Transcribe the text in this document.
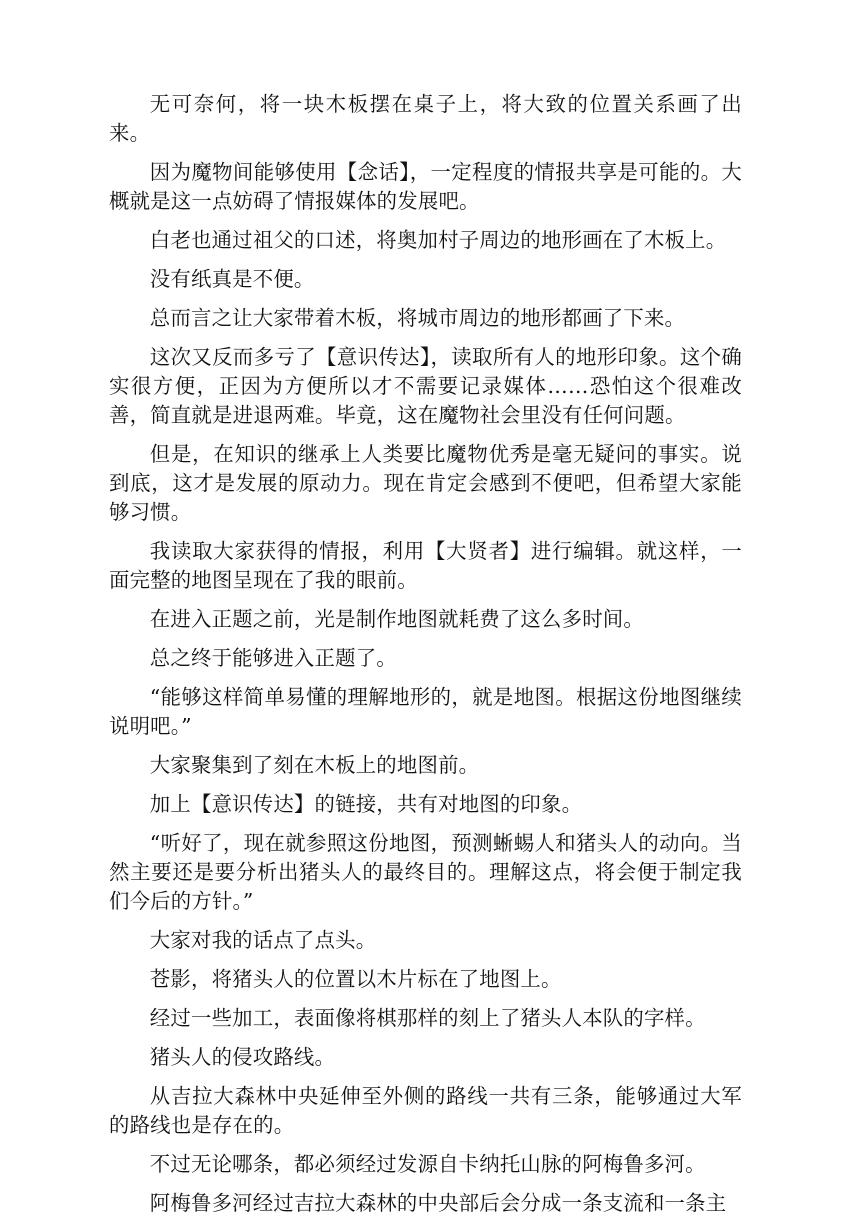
无可奈何，将一块木板摆在桌子上，将大致的位置关系画了出来。

因为魔物间能够使用【念话】，一定程度的情报共享是可能的。大概就是这一点妨碍了情报媒体的发展吧。

白老也通过祖父的口述，将奥加村子周边的地形画在了木板上。

没有纸真是不便。

总而言之让大家带着木板，将城市周边的地形都画了下来。

这次又反而多亏了【意识传达】，读取所有人的地形印象。这个确实很方便，正因为方便所以才不需要记录媒体……恐怕这个很难改善，简直就是进退两难。毕竟，这在魔物社会里没有任何问题。

但是，在知识的继承上人类要比魔物优秀是毫无疑问的事实。说到底，这才是发展的原动力。现在肯定会感到不便吧，但希望大家能够习惯。

我读取大家获得的情报，利用【大贤者】进行编辑。就这样，一面完整的地图呈现在了我的眼前。

在进入正题之前，光是制作地图就耗费了这么多时间。

总之终于能够进入正题了。

“能够这样简单易懂的理解地形的，就是地图。根据这份地图继续说明吧。”

大家聚集到了刻在木板上的地图前。

加上【意识传达】的链接，共有对地图的印象。

“听好了，现在就参照这份地图，预测蜥蜴人和猪头人的动向。当然主要还是要分析出猪头人的最终目的。理解这点，将会便于制定我们今后的方针。”

大家对我的话点了点头。

苍影，将猪头人的位置以木片标在了地图上。

经过一些加工，表面像将棋那样的刻上了猪头人本队的字样。

猪头人的侵攻路线。

从吉拉大森林中央延伸至外侧的路线一共有三条，能够通过大军的路线也是存在的。

不过无论哪条，都必须经过发源自卡纳托山脉的阿梅鲁多河。

阿梅鲁多河经过吉拉大森林的中央部后会分成一条支流和一条主
